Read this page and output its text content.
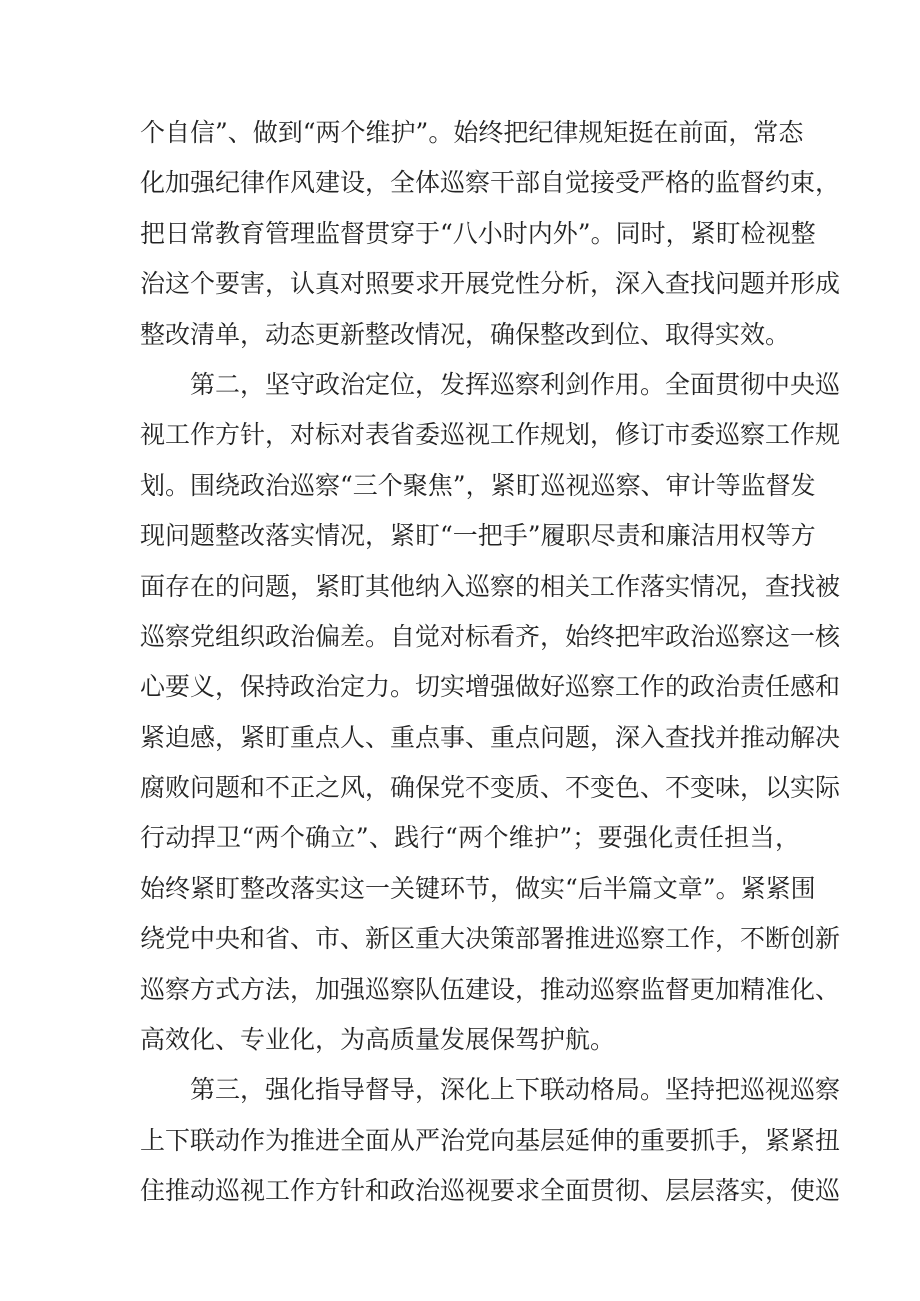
个自信”、做到“两个维护”。始终把纪律规矩挺在前面，常态
化加强纪律作风建设，全体巡察干部自觉接受严格的监督约束，
把日常教育管理监督贯穿于“八小时内外”。同时，紧盯检视整
治这个要害，认真对照要求开展党性分析，深入查找问题并形成
整改清单，动态更新整改情况，确保整改到位、取得实效。
第二，坚守政治定位，发挥巡察利剑作用。全面贯彻中央巡
视工作方针，对标对表省委巡视工作规划，修订市委巡察工作规
划。围绕政治巡察“三个聚焦”，紧盯巡视巡察、审计等监督发
现问题整改落实情况，紧盯“一把手”履职尽责和廉洁用权等方
面存在的问题，紧盯其他纳入巡察的相关工作落实情况，查找被
巡察党组织政治偏差。自觉对标看齐，始终把牢政治巡察这一核
心要义，保持政治定力。切实增强做好巡察工作的政治责任感和
紧迫感，紧盯重点人、重点事、重点问题，深入查找并推动解决
腐败问题和不正之风，确保党不变质、不变色、不变味，以实际
行动捍卫“两个确立”、践行“两个维护”；要强化责任担当，
始终紧盯整改落实这一关键环节，做实“后半篇文章”。紧紧围
绕党中央和省、市、新区重大决策部署推进巡察工作，不断创新
巡察方式方法，加强巡察队伍建设，推动巡察监督更加精准化、
高效化、专业化，为高质量发展保驾护航。
第三，强化指导督导，深化上下联动格局。坚持把巡视巡察
上下联动作为推进全面从严治党向基层延伸的重要抓手，紧紧扭
住推动巡视工作方针和政治巡视要求全面贯彻、层层落实，使巡
